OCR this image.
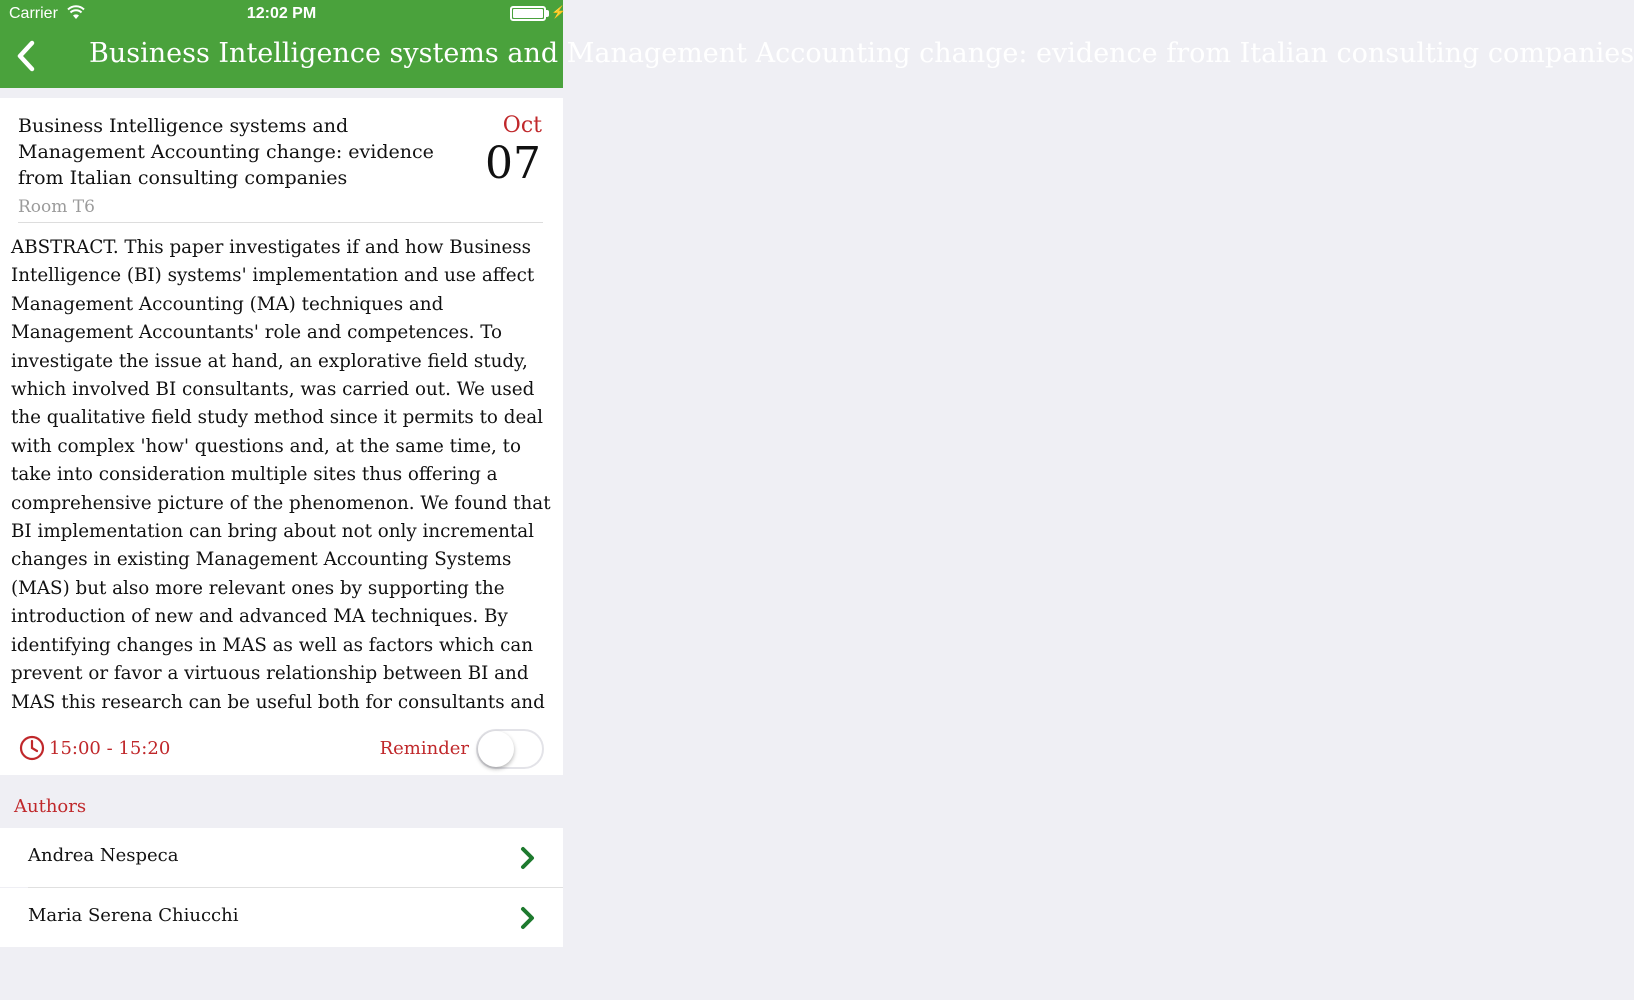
Carrier	12:02 PM	⚡
Business Intelligence systems and Management Accounting change: evidence from Italian consulting companies
Business Intelligence systems and Management Accounting change: evidence from Italian consulting companies
Room T6
Oct
07
ABSTRACT. This paper investigates if and how Business Intelligence (BI) systems' implementation and use affect Management Accounting (MA) techniques and Management Accountants' role and competences. To investigate the issue at hand, an explorative field study, which involved BI consultants, was carried out. We used the qualitative field study method since it permits to deal with complex 'how' questions and, at the same time, to take into consideration multiple sites thus offering a comprehensive picture of the phenomenon. We found that BI implementation can bring about not only incremental changes in existing Management Accounting Systems (MAS) but also more relevant ones by supporting the introduction of new and advanced MA techniques. By identifying changes in MAS as well as factors which can prevent or favor a virtuous relationship between BI and MAS this research can be useful both for consultants and
15:00 - 15:20	Reminder
Authors
Andrea Nespeca
Maria Serena Chiucchi
